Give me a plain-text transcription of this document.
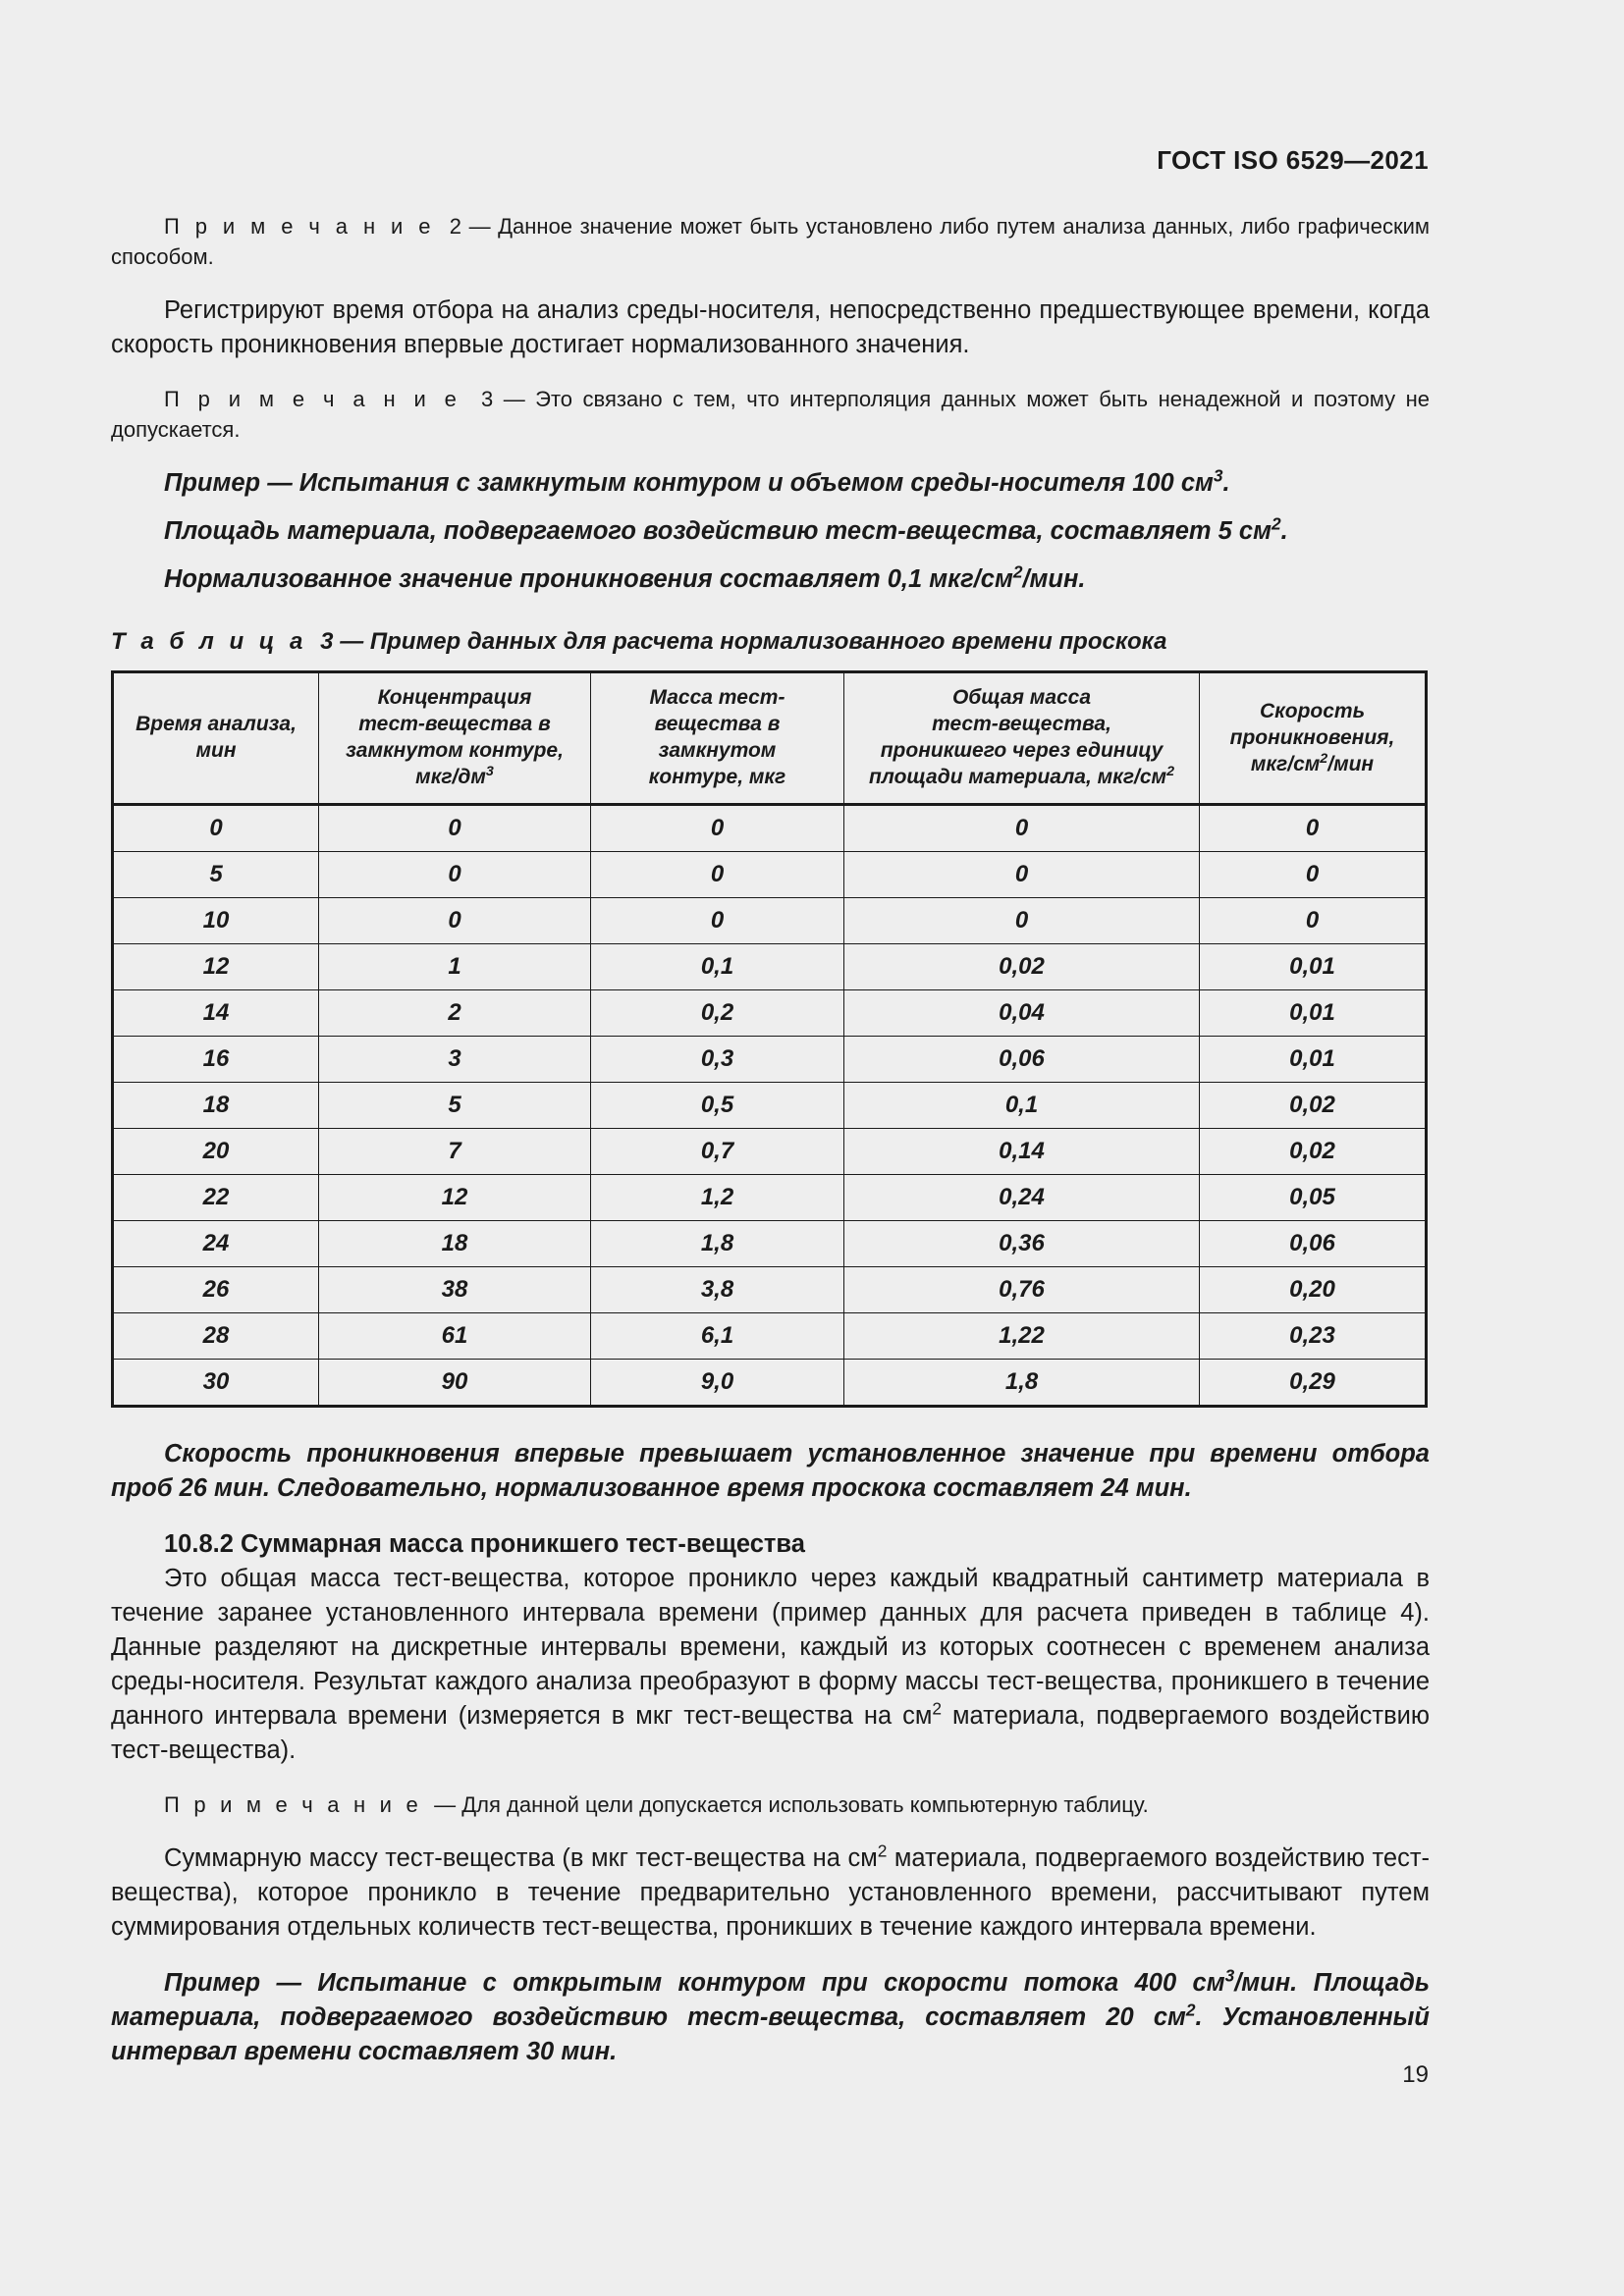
ГОСТ ISO 6529—2021

П р и м е ч а н и е 2 — Данное значение может быть установлено либо путем анализа данных, либо графическим способом.

Регистрируют время отбора на анализ среды-носителя, непосредственно предшествующее времени, когда скорость проникновения впервые достигает нормализованного значения.

П р и м е ч а н и е 3 — Это связано с тем, что интерполяция данных может быть ненадежной и поэтому не допускается.

Пример — Испытания с замкнутым контуром и объемом среды-носителя 100 $см^3$.

Площадь материала, подвергаемого воздействию тест-вещества, составляет 5 $см^2$.

Нормализованное значение проникновения составляет 0,1 мкг/$см^2$/мин.

Т а б л и ц а 3 — Пример данных для расчета нормализованного времени проскока

Время анализа,
мин	Концентрация
тест-вещества в
замкнутом контуре,
мкг/$дм^3$	Масса тест-
вещества в
замкнутом
контуре, мкг	Общая масса
тест-вещества,
проникшего через единицу
площади материала, мкг/$см^2$	Скорость
проникновения,
мкг/$см^2$/мин
0	0	0	0	0
5	0	0	0	0
10	0	0	0	0
12	1	0,1	0,02	0,01
14	2	0,2	0,04	0,01
16	3	0,3	0,06	0,01
18	5	0,5	0,1	0,02
20	7	0,7	0,14	0,02
22	12	1,2	0,24	0,05
24	18	1,8	0,36	0,06
26	38	3,8	0,76	0,20
28	61	6,1	1,22	0,23
30	90	9,0	1,8	0,29

Скорость проникновения впервые превышает установленное значение при времени отбора проб 26 мин. Следовательно, нормализованное время проскока составляет 24 мин.

10.8.2 Суммарная масса проникшего тест-вещества

Это общая масса тест-вещества, которое проникло через каждый квадратный сантиметр материала в течение заранее установленного интервала времени (пример данных для расчета приведен в таблице 4). Данные разделяют на дискретные интервалы времени, каждый из которых соотнесен с временем анализа среды-носителя. Результат каждого анализа преобразуют в форму массы тест-вещества, проникшего в течение данного интервала времени (измеряется в мкг тест-вещества на $см^2$ материала, подвергаемого воздействию тест-вещества).

П р и м е ч а н и е — Для данной цели допускается использовать компьютерную таблицу.

Суммарную массу тест-вещества (в мкг тест-вещества на $см^2$ материала, подвергаемого воздействию тест-вещества), которое проникло в течение предварительно установленного времени, рассчитывают путем суммирования отдельных количеств тест-вещества, проникших в течение каждого интервала времени.

Пример — Испытание с открытым контуром при скорости потока 400 $см^3$/мин. Площадь материала, подвергаемого воздействию тест-вещества, составляет 20 $см^2$. Установленный интервал времени составляет 30 мин.

19
